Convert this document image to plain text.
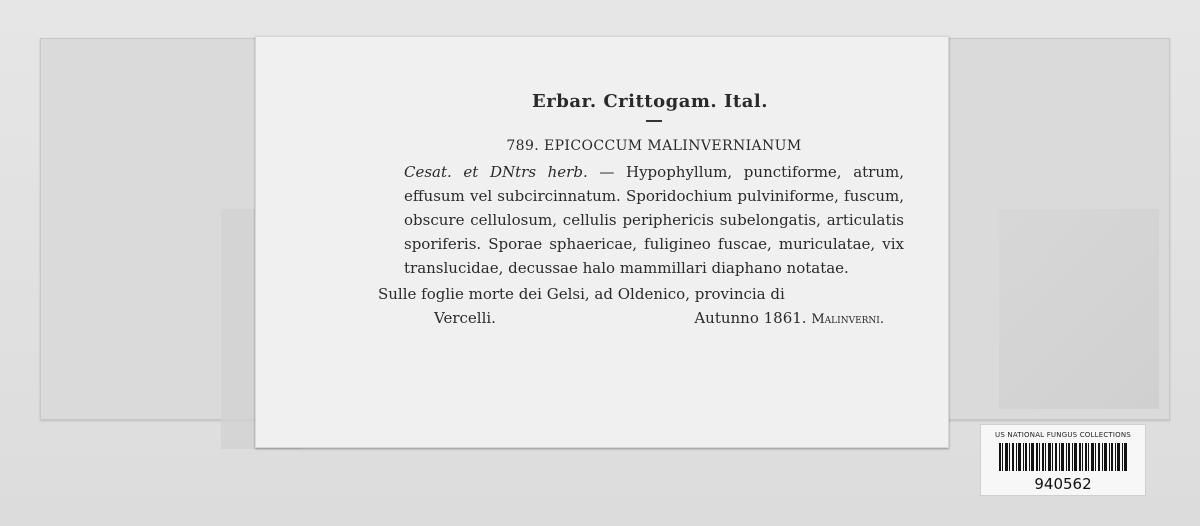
Erbar. Crittogam. Ital.
789. EPICOCCUM MALINVERNIANUM
Cesat. et DNtrs herb. — Hypophyllum, punctiforme, atrum, effusum vel subcircinnatum. Sporidochium pulviniforme, fuscum, obscure cellulosum, cellulis periphericis subelongatis, articulatis sporiferis. Sporae sphaericae, fuligineo fuscae, muriculatae, vix translucidae, decussae halo mammillari diaphano notatae.
Sulle foglie morte dei Gelsi, ad Oldenico, provincia di
Vercelli.	Autunno 1861. Malinverni.
US NATIONAL FUNGUS COLLECTIONS
940562
